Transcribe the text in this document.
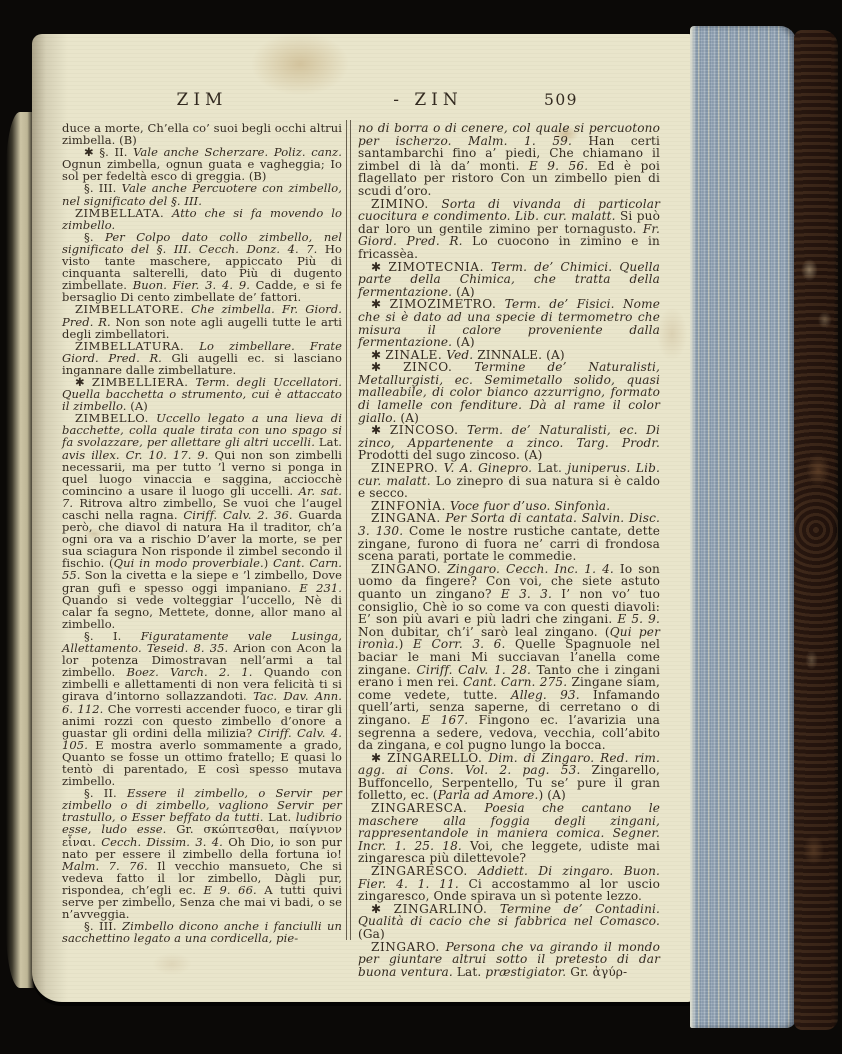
ZIM	- ZIN	509

duce a morte, Ch’ella co’ suoi begli occhi altrui zimbella. (B)

✱ §. II. Vale anche Scherzare. Poliz. canz. Ognun zimbella, ognun guata e vagheggia; Io sol per fedeltà esco di greggia. (B)

§. III. Vale anche Percuotere con zimbello, nel significato del §. III.

ZIMBELLATA. Atto che si fa movendo lo zimbello.

§. Per Colpo dato collo zimbello, nel significato del §. III. Cecch. Donz. 4. 7. Ho visto tante maschere, appiccato Più di cinquanta salterelli, dato Più di dugento zimbellate. Buon. Fier. 3. 4. 9. Cadde, e si fe bersaglio Di cento zimbellate de’ fattori.

ZIMBELLATORE. Che zimbella. Fr. Giord. Pred. R. Non son note agli augelli tutte le arti degli zimbellatori.

ZIMBELLATURA. Lo zimbellare. Frate Giord. Pred. R. Gli augelli ec. si lasciano ingannare dalle zimbellature.

✱ ZIMBELLIERA. Term. degli Uccellatori. Quella bacchetta o strumento, cui è attaccato il zimbello. (A)

ZIMBELLO. Uccello legato a una lieva di bacchette, colla quale tirata con uno spago si fa svolazzare, per allettare gli altri uccelli. Lat. avis illex. Cr. 10. 17. 9. Qui non son zimbelli necessarii, ma per tutto ’l verno si ponga in quel luogo vinaccia e saggina, acciocchè comincino a usare il luogo gli uccelli. Ar. sat. 7. Ritrova altro zimbello, Se vuoi che l’augel caschi nella ragna. Ciriff. Calv. 2. 36. Guarda però, che diavol di natura Ha il traditor, ch’a ogni ora va a rischio D’aver la morte, se per sua sciagura Non risponde il zimbel secondo il fischio. (Qui in modo proverbiale.) Cant. Carn. 55. Son la civetta e la siepe e ’l zimbello, Dove gran gufi e spesso oggi impaniano. E 231. Quando si vede volteggiar l’uccello, Nè di calar fa segno, Mettete, donne, allor mano al zimbello.

§. I. Figuratamente vale Lusinga, Allettamento. Teseid. 8. 35. Arion con Acon la lor potenza Dimostravan nell’armi a tal zimbello. Boez. Varch. 2. 1. Quando con zimbelli e allettamenti di non vera felicità ti si girava d’intorno sollazzandoti. Tac. Dav. Ann. 6. 112. Che vorresti accender fuoco, e tirar gli animi rozzi con questo zimbello d’onore a guastar gli ordini della milizia? Ciriff. Calv. 4. 105. E mostra averlo sommamente a grado, Quanto se fosse un ottimo fratello; E quasi lo tentò di parentado, E così spesso mutava zimbello.

§. II. Essere il zimbello, o Servir per zimbello o di zimbello, vagliono Servir per trastullo, o Esser beffato da tutti. Lat. ludibrio esse, ludo esse. Gr. σκώπτεσθαι, παίγνιον εἶναι. Cecch. Dissim. 3. 4. Oh Dio, io son pur nato per essere il zimbello della fortuna io! Malm. 7. 76. Il vecchio mansueto, Che si vedeva fatto il lor zimbello, Dàgli pur, rispondea, ch’egli ec. E 9. 66. A tutti quivi serve per zimbello, Senza che mai vi badi, o se n’avveggia.

§. III. Zimbello dicono anche i fanciulli un sacchettino legato a una cordicella, pie-

no di borra o di cenere, col quale si percuotono per ischerzo. Malm. 1. 59. Han certi santambarchi fino a’ piedi, Che chiamano il zimbel di là da’ monti. E 9. 56. Ed è poi flagellato per ristoro Con un zimbello pien di scudi d’oro.

ZIMINO. Sorta di vivanda di particolar cuocitura e condimento. Lib. cur. malatt. Si può dar loro un gentile zimino per tornagusto. Fr. Giord. Pred. R. Lo cuocono in zimino e in fricassèa.

✱ ZIMOTECNIA. Term. de’ Chimici. Quella parte della Chimica, che tratta della fermentazione. (A)

✱ ZIMOZIMETRO. Term. de’ Fisici. Nome che si è dato ad una specie di termometro che misura il calore proveniente dalla fermentazione. (A)

✱ ZINALE. Ved. ZINNALE. (A)

✱ ZINCO. Termine de’ Naturalisti, Metallurgisti, ec. Semimetallo solido, quasi malleabile, di color bianco azzurrigno, formato di lamelle con fenditure. Dà al rame il color giallo. (A)

✱ ZINCOSO. Term. de’ Naturalisti, ec. Di zinco, Appartenente a zinco. Targ. Prodr. Prodotti del sugo zincoso. (A)

ZINEPRO. V. A. Ginepro. Lat. juniperus. Lib. cur. malatt. Lo zinepro di sua natura si è caldo e secco.

ZINFONÌA. Voce fuor d’uso. Sinfonìa.

ZINGANA. Per Sorta di cantata. Salvin. Disc. 3. 130. Come le nostre rustiche cantate, dette zingane, furono di fuora ne’ carri di frondosa scena parati, portate le commedie.

ZINGANO. Zingaro. Cecch. Inc. 1. 4. Io son uomo da fingere? Con voi, che siete astuto quanto un zingano? E 3. 3. I’ non vo’ tuo consiglio, Chè io so come va con questi diavoli: E’ son più avari e più ladri che zingani. E 5. 9. Non dubitar, ch’i’ sarò leal zingano. (Qui per ironìa.) E Corr. 3. 6. Quelle Spagnuole nel baciar le mani Mi succiavan l’anella come zingane. Ciriff. Calv. 1. 28. Tanto che i zingani erano i men rei. Cant. Carn. 275. Zingane siam, come vedete, tutte. Alleg. 93. Infamando quell’arti, senza saperne, di cerretano o di zingano. E 167. Fingono ec. l’avarizia una segrenna a sedere, vedova, vecchia, coll’abito da zingana, e col pugno lungo la bocca.

✱ ZINGARELLO. Dim. di Zingaro. Red. rim. agg. ai Cons. Vol. 2. pag. 53. Zingarello, Buffoncello, Serpentello, Tu se’ pure il gran folletto, ec. (Parla ad Amore.) (A)

ZINGARESCA. Poesia che cantano le maschere alla foggia degli zingani, rappresentandole in maniera comica. Segner. Incr. 1. 25. 18. Voi, che leggete, udiste mai zingaresca più dilettevole?

ZINGARESCO. Addiett. Di zingaro. Buon. Fier. 4. 1. 11. Ci accostammo al lor uscio zingaresco, Onde spirava un sì potente lezzo.

✱ ZINGARLINO. Termine de’ Contadini. Qualità di cacio che si fabbrica nel Comasco. (Ga)

ZINGARO. Persona che va girando il mondo per giuntare altrui sotto il pretesto di dar buona ventura. Lat. præstigiator. Gr. ἀγύρ-
